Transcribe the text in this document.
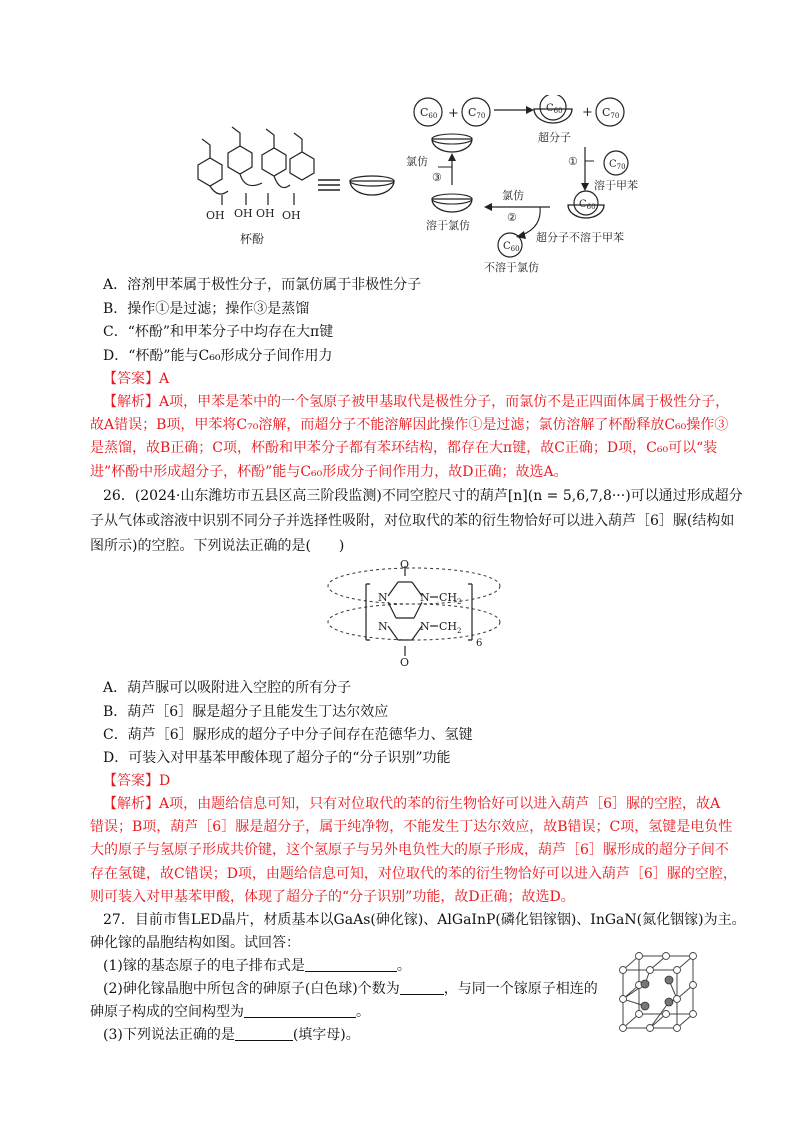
OH OH OH OH
杯酚
C60 + C70
$C_{60}$
超分子
+ C70
①	$C_{70}$
溶于甲苯
$C_{60}$
超分子不溶于甲苯
氯仿
②
$C_{60}$
不溶于氯仿
溶于氯仿
③
氯仿
A．溶剂甲苯属于极性分子，而氯仿属于非极性分子
B．操作①是过滤；操作③是蒸馏
C．“杯酚”和甲苯分子中均存在大π键
D．“杯酚”能与C₆₀形成分子间作用力
【答案】A
【解析】A项，甲苯是苯中的一个氢原子被甲基取代是极性分子，而氯仿不是正四面体属于极性分子，
故A错误；B项，甲苯将C₇₀溶解，而超分子不能溶解因此操作①是过滤；氯仿溶解了杯酚释放C₆₀操作③
是蒸馏，故B正确；C项，杯酚和甲苯分子都有苯环结构，都存在大π键，故C正确；D项，C₆₀可以“装
进”杯酚中形成超分子，杯酚”能与C₆₀形成分子间作用力，故D正确；故选A。
26．(2024·山东潍坊市五县区高三阶段监测)不同空腔尺寸的葫芦[n](n = 5,6,7,8···)可以通过形成超分
子从气体或溶液中识别不同分子并选择性吸附，对位取代的苯的衍生物恰好可以进入葫芦［6］脲(结构如
图所示)的空腔。下列说法正确的是(　　)
O
N	N
N	N
O
$CH_2$
$CH_2$
6
A．葫芦脲可以吸附进入空腔的所有分子
B．葫芦［6］脲是超分子且能发生丁达尔效应
C．葫芦［6］脲形成的超分子中分子间存在范德华力、氢键
D．可装入对甲基苯甲酸体现了超分子的“分子识别”功能
【答案】D
【解析】A项，由题给信息可知，只有对位取代的苯的衍生物恰好可以进入葫芦［6］脲的空腔，故A
错误；B项，葫芦［6］脲是超分子，属于纯净物，不能发生丁达尔效应，故B错误；C项，氢键是电负性
大的原子与氢原子形成共价键，这个氢原子与另外电负性大的原子形成，葫芦［6］脲形成的超分子间不
存在氢键，故C错误；D项，由题给信息可知，对位取代的苯的衍生物恰好可以进入葫芦［6］脲的空腔，
则可装入对甲基苯甲酸，体现了超分子的“分子识别”功能，故D正确；故选D。
27．目前市售LED晶片，材质基本以GaAs(砷化镓)、AlGaInP(磷化铝镓铟)、InGaN(氮化铟镓)为主。
砷化镓的晶胞结构如图。试回答：
(1)镓的基态原子的电子排布式是	。
(2)砷化镓晶胞中所包含的砷原子(白色球)个数为	，与同一个镓原子相连的
砷原子构成的空间构型为	。
(3)下列说法正确的是	(填字母)。
